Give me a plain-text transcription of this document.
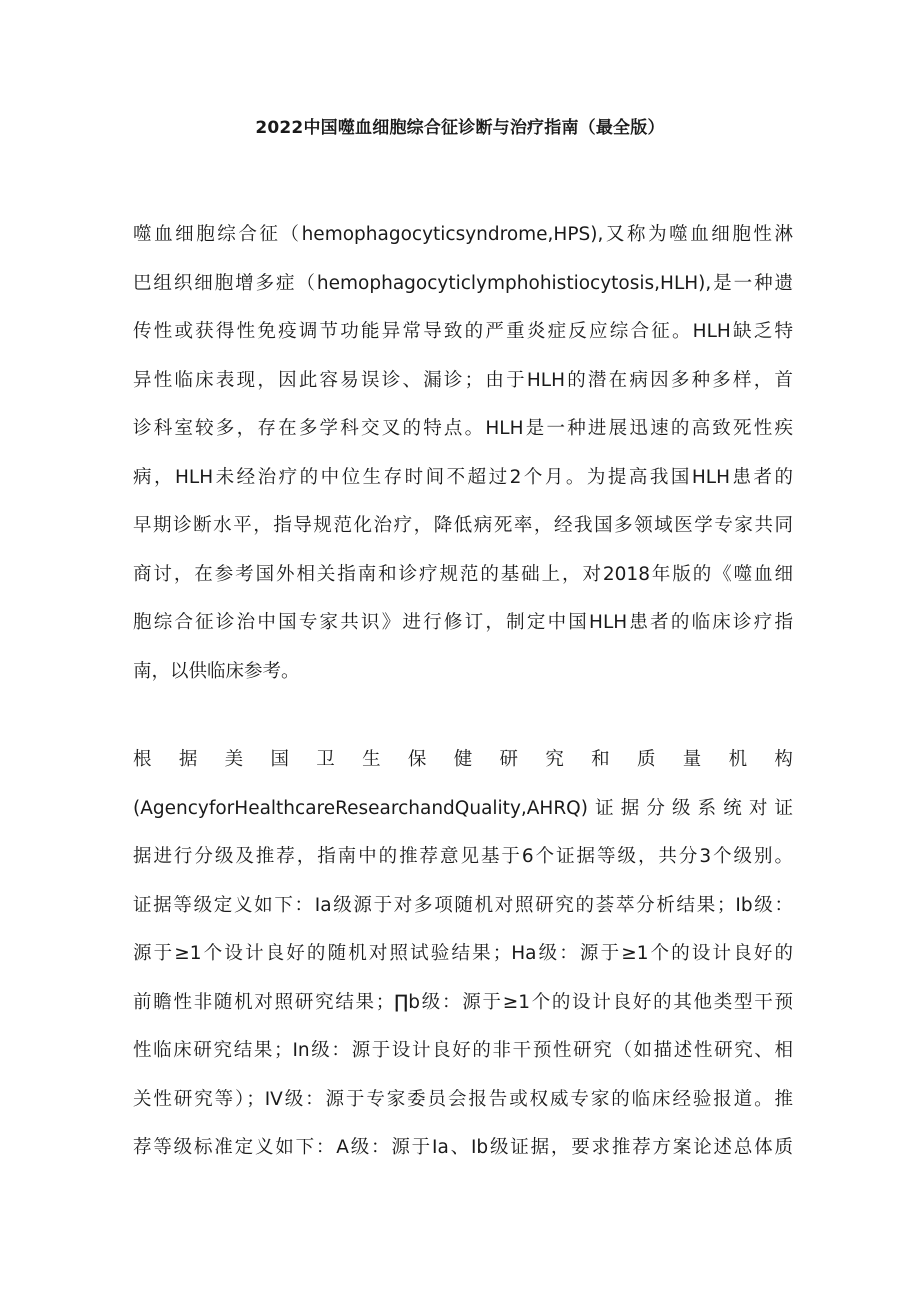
2022中国噬血细胞综合征诊断与治疗指南（最全版）
噬血细胞综合征（hemophagocyticsyndrome,HPS),又称为噬血细胞性淋
巴组织细胞增多症（hemophagocyticlymphohistiocytosis,HLH),是一种遗
传性或获得性免疫调节功能异常导致的严重炎症反应综合征。HLH缺乏特
异性临床表现，因此容易误诊、漏诊；由于HLH的潜在病因多种多样，首
诊科室较多，存在多学科交叉的特点。HLH是一种进展迅速的高致死性疾
病，HLH未经治疗的中位生存时间不超过2个月。为提高我国HLH患者的
早期诊断水平，指导规范化治疗，降低病死率，经我国多领域医学专家共同
商讨，在参考国外相关指南和诊疗规范的基础上，对2018年版的《噬血细
胞综合征诊治中国专家共识》进行修订，制定中国HLH患者的临床诊疗指
南，以供临床参考。
根 据 美 国 卫 生 保 健 研 究 和 质 量 机 构
(AgencyforHealthcareResearchandQuality,AHRQ)证据分级系统对证
据进行分级及推荐，指南中的推荐意见基于6个证据等级，共分3个级别。
证据等级定义如下：Ia级源于对多项随机对照研究的荟萃分析结果；Ib级：
源于≥1个设计良好的随机对照试验结果；Ha级：源于≥1个的设计良好的
前瞻性非随机对照研究结果；∏b级：源于≥1个的设计良好的其他类型干预
性临床研究结果；In级：源于设计良好的非干预性研究（如描述性研究、相
关性研究等）；IV级：源于专家委员会报告或权威专家的临床经验报道。推
荐等级标准定义如下：A级：源于Ia、Ib级证据，要求推荐方案论述总体质
